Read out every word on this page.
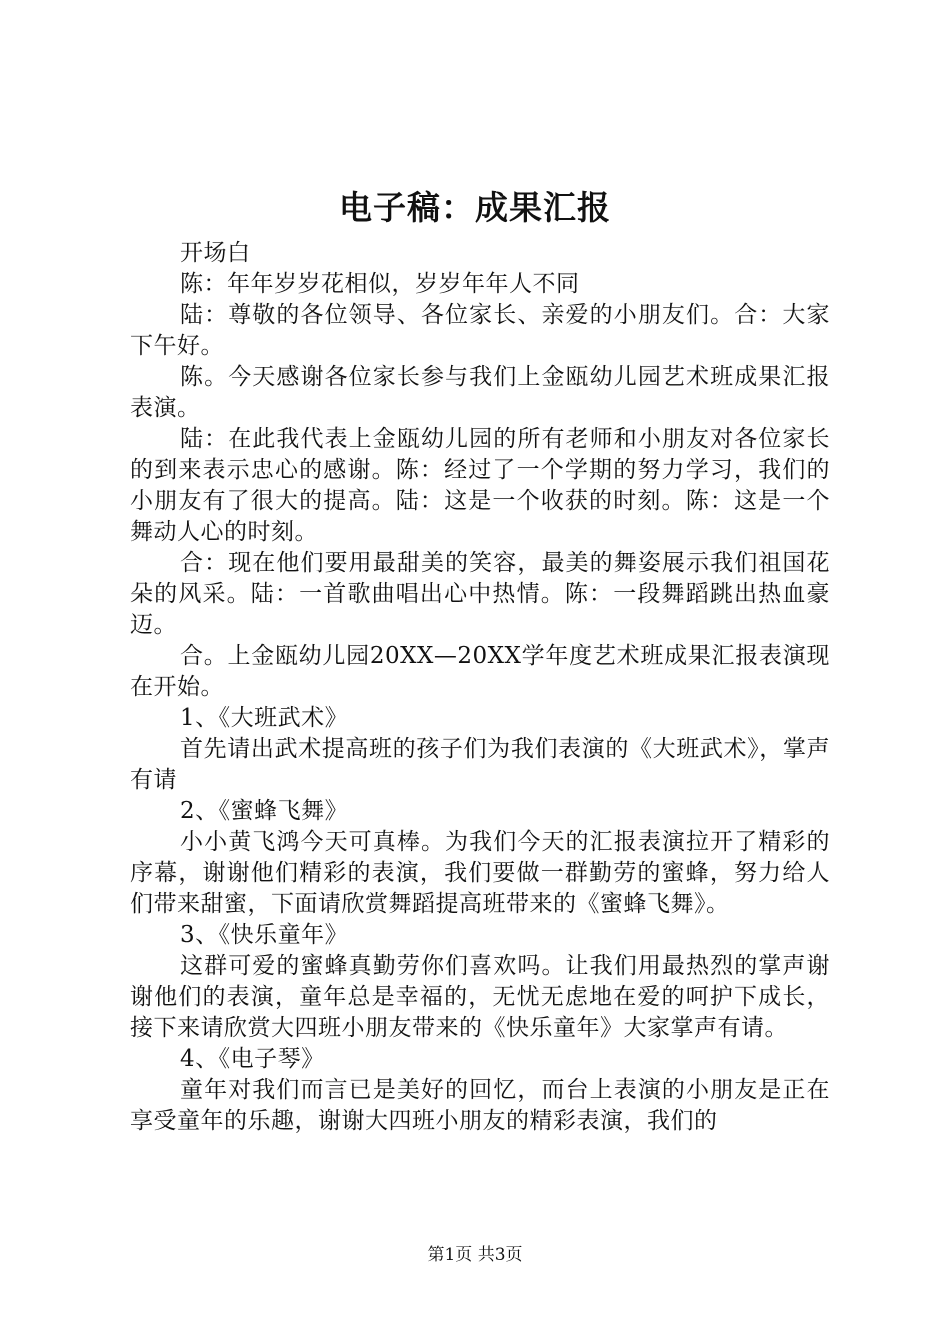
电子稿：成果汇报

开场白

陈：年年岁岁花相似，岁岁年年人不同

陆：尊敬的各位领导、各位家长、亲爱的小朋友们。合：大家下午好。

陈。今天感谢各位家长参与我们上金瓯幼儿园艺术班成果汇报表演。

陆：在此我代表上金瓯幼儿园的所有老师和小朋友对各位家长的到来表示忠心的感谢。陈：经过了一个学期的努力学习，我们的小朋友有了很大的提高。陆：这是一个收获的时刻。陈：这是一个舞动人心的时刻。

合：现在他们要用最甜美的笑容，最美的舞姿展示我们祖国花朵的风采。陆：一首歌曲唱出心中热情。陈：一段舞蹈跳出热血豪迈。

合。上金瓯幼儿园20XX—20XX学年度艺术班成果汇报表演现在开始。

1、《大班武术》

首先请出武术提高班的孩子们为我们表演的《大班武术》，掌声有请

2、《蜜蜂飞舞》

小小黄飞鸿今天可真棒。为我们今天的汇报表演拉开了精彩的序幕，谢谢他们精彩的表演，我们要做一群勤劳的蜜蜂，努力给人们带来甜蜜，下面请欣赏舞蹈提高班带来的《蜜蜂飞舞》。

3、《快乐童年》

这群可爱的蜜蜂真勤劳你们喜欢吗。让我们用最热烈的掌声谢谢他们的表演，童年总是幸福的，无忧无虑地在爱的呵护下成长，接下来请欣赏大四班小朋友带来的《快乐童年》大家掌声有请。

4、《电子琴》

童年对我们而言已是美好的回忆，而台上表演的小朋友是正在享受童年的乐趣，谢谢大四班小朋友的精彩表演，我们的

第1页 共3页
